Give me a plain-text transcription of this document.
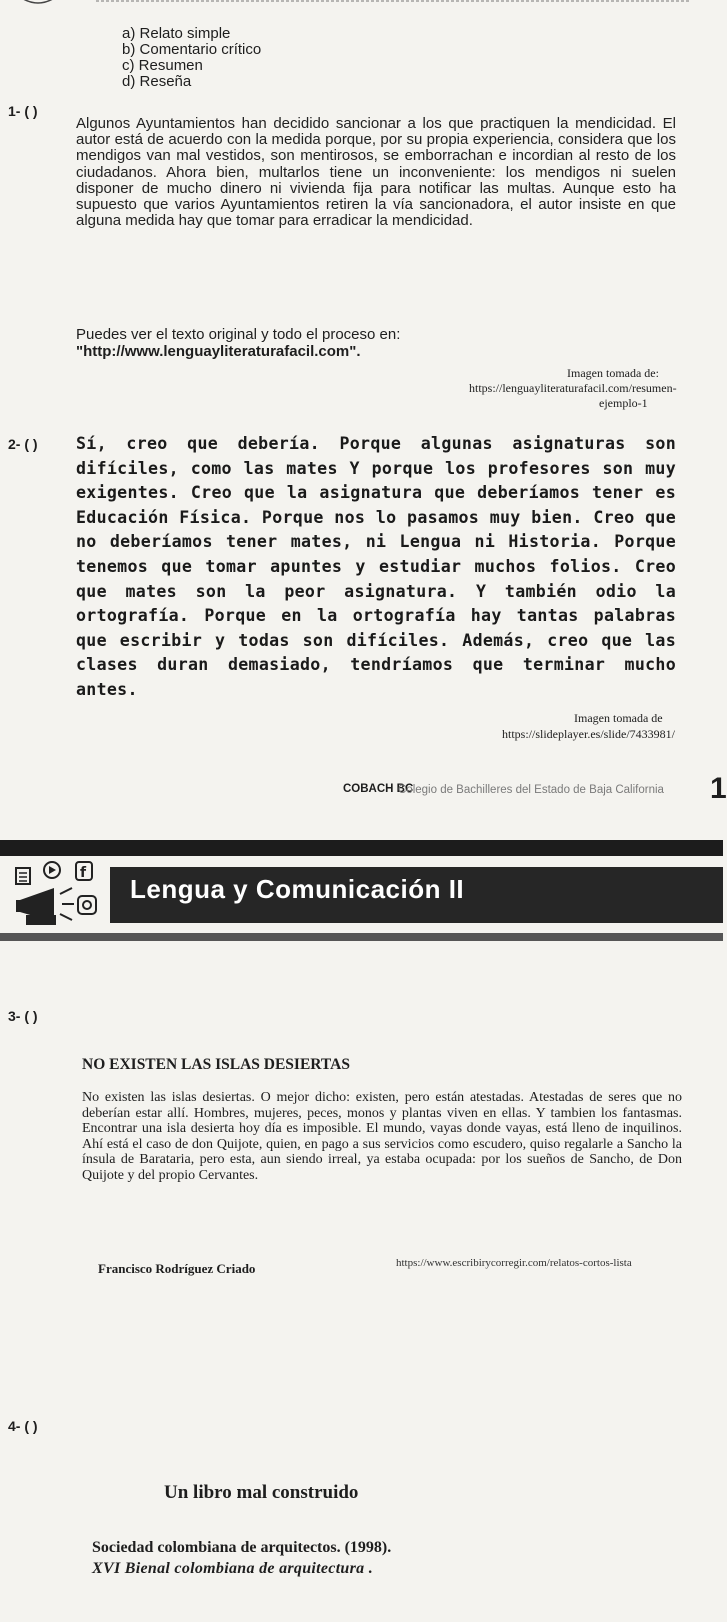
a) Relato simple
b) Comentario crítico
c) Resumen
d) Reseña
1- ( )
Algunos Ayuntamientos han decidido sancionar a los que practiquen la mendicidad. El autor está de acuerdo con la medida porque, por su propia experiencia, considera que los mendigos van mal vestidos, son mentirosos, se emborrachan e incordian al resto de los ciudadanos. Ahora bien, multarlos tiene un inconveniente: los mendigos ni suelen disponer de mucho dinero ni vivienda fija para notificar las multas. Aunque esto ha supuesto que varios Ayuntamientos retiren la vía sancionadora, el autor insiste en que alguna medida hay que tomar para erradicar la mendicidad.
Puedes ver el texto original y todo el proceso en:
"http://www.lenguayliteraturafacil.com".
Imagen tomada de:
https://lenguayliteraturafacil.com/resumen-
ejemplo-1
2- ( ) Sí, creo que debería. Porque algunas asignaturas son difíciles, como las mates Y porque los profesores son muy exigentes. Creo que la asignatura que deberíamos tener es Educación Física. Porque nos lo pasamos muy bien. Creo que no deberíamos tener mates, ni Lengua ni Historia. Porque tenemos que tomar apuntes y estudiar muchos folios. Creo que mates son la peor asignatura. Y también odio la ortografía. Porque en la ortografía hay tantas palabras que escribir y todas son difíciles. Además, creo que las clases duran demasiado, tendríamos que terminar mucho antes.
Imagen tomada de
https://slideplayer.es/slide/7433981/
COBACH BC
Colegio de Bachilleres del Estado de Baja California 1
f
Lengua y Comunicación II
3- ( )
NO EXISTEN LAS ISLAS DESIERTAS
No existen las islas desiertas. O mejor dicho: existen, pero están atestadas. Atestadas de seres que no deberían estar allí. Hombres, mujeres, peces, monos y plantas viven en ellas. Y tambien los fantasmas. Encontrar una isla desierta hoy día es imposible. El mundo, vayas donde vayas, está lleno de inquilinos. Ahí está el caso de don Quijote, quien, en pago a sus servicios como escudero, quiso regalarle a Sancho la ínsula de Barataria, pero esta, aun siendo irreal, ya estaba ocupada: por los sueños de Sancho, de Don Quijote y del propio Cervantes.
Francisco Rodríguez Criado	https://www.escribirycorregir.com/relatos-cortos-lista
4- ( )
Un libro mal construido
Sociedad colombiana de arquitectos. (1998).
XVI Bienal colombiana de arquitectura .
